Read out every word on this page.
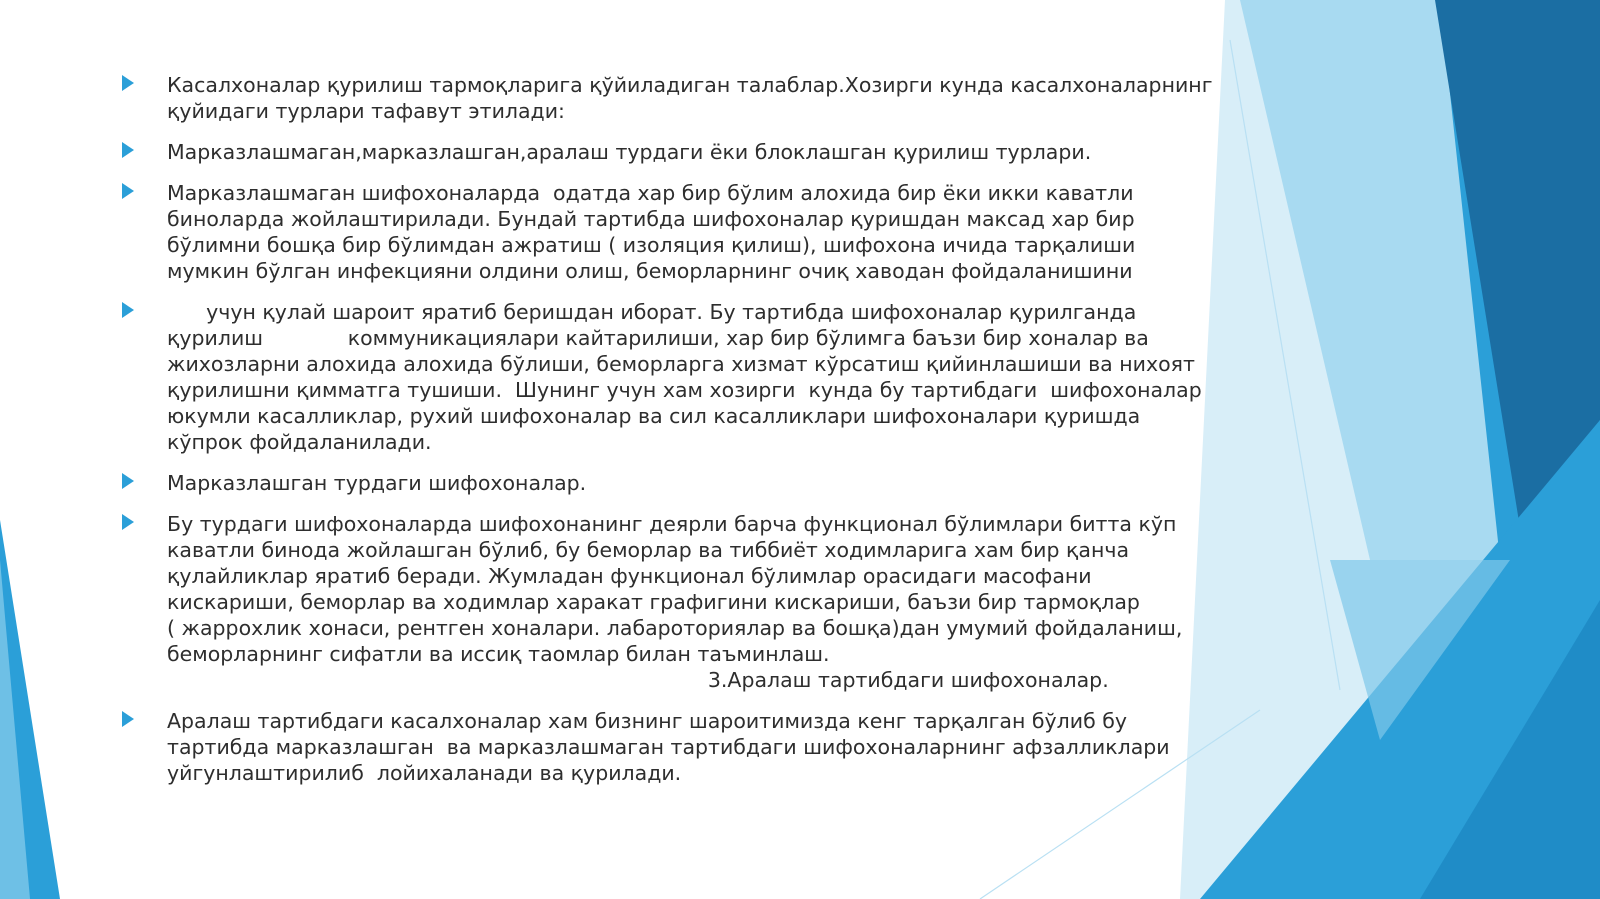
Касалхоналар қурилиш тармоқларига қўйиладиган талаблар.Хозирги кунда касалхоналарнинг
қуйидаги турлари тафавут этилади:
Марказлашмаган,марказлашган,аралаш турдаги ёки блоклашган қурилиш турлари.
Марказлашмаган шифохоналарда  одатда хар бир бўлим алохида бир ёки икки каватли
биноларда жойлаштирилади. Бундай тартибда шифохоналар қуришдан максад хар бир
бўлимни бошқа бир бўлимдан ажратиш ( изоляция қилиш), шифохона ичида тарқалиши
мумкин бўлган инфекцияни олдини олиш, беморларнинг очиқ хаводан фойдаланишини
учун қулай шароит яратиб беришдан иборат. Бу тартибда шифохоналар қурилганда
қурилиш             коммуникациялари кайтарилиши, хар бир бўлимга баъзи бир хоналар ва
жихозларни алохида алохида бўлиши, беморларга хизмат кўрсатиш қийинлашиши ва нихоят
қурилишни қимматга тушиши.  Шунинг учун хам хозирги  кунда бу тартибдаги  шифохоналар
юкумли касалликлар, рухий шифохоналар ва сил касалликлари шифохоналари қуришда
кўпрок фойдаланилади.
Марказлашган турдаги шифохоналар.
Бу турдаги шифохоналарда шифохонанинг деярли барча функционал бўлимлари битта кўп
каватли бинода жойлашган бўлиб, бу беморлар ва тиббиёт ходимларига хам бир қанча
қулайликлар яратиб беради. Жумладан функционал бўлимлар орасидаги масофани
кискариши, беморлар ва ходимлар харакат графигини кискариши, баъзи бир тармоқлар
( жаррохлик хонаси, рентген хоналари. лабароториялар ва бошқа)дан умумий фойдаланиш,
беморларнинг сифатли ва иссиқ таомлар билан таъминлаш.
3.Аралаш тартибдаги шифохоналар.
Аралаш тартибдаги касалхоналар хам бизнинг шароитимизда кенг тарқалган бўлиб бу
тартибда марказлашган  ва марказлашмаган тартибдаги шифохоналарнинг афзалликлари
уйгунлаштирилиб  лойихаланади ва қурилади.
